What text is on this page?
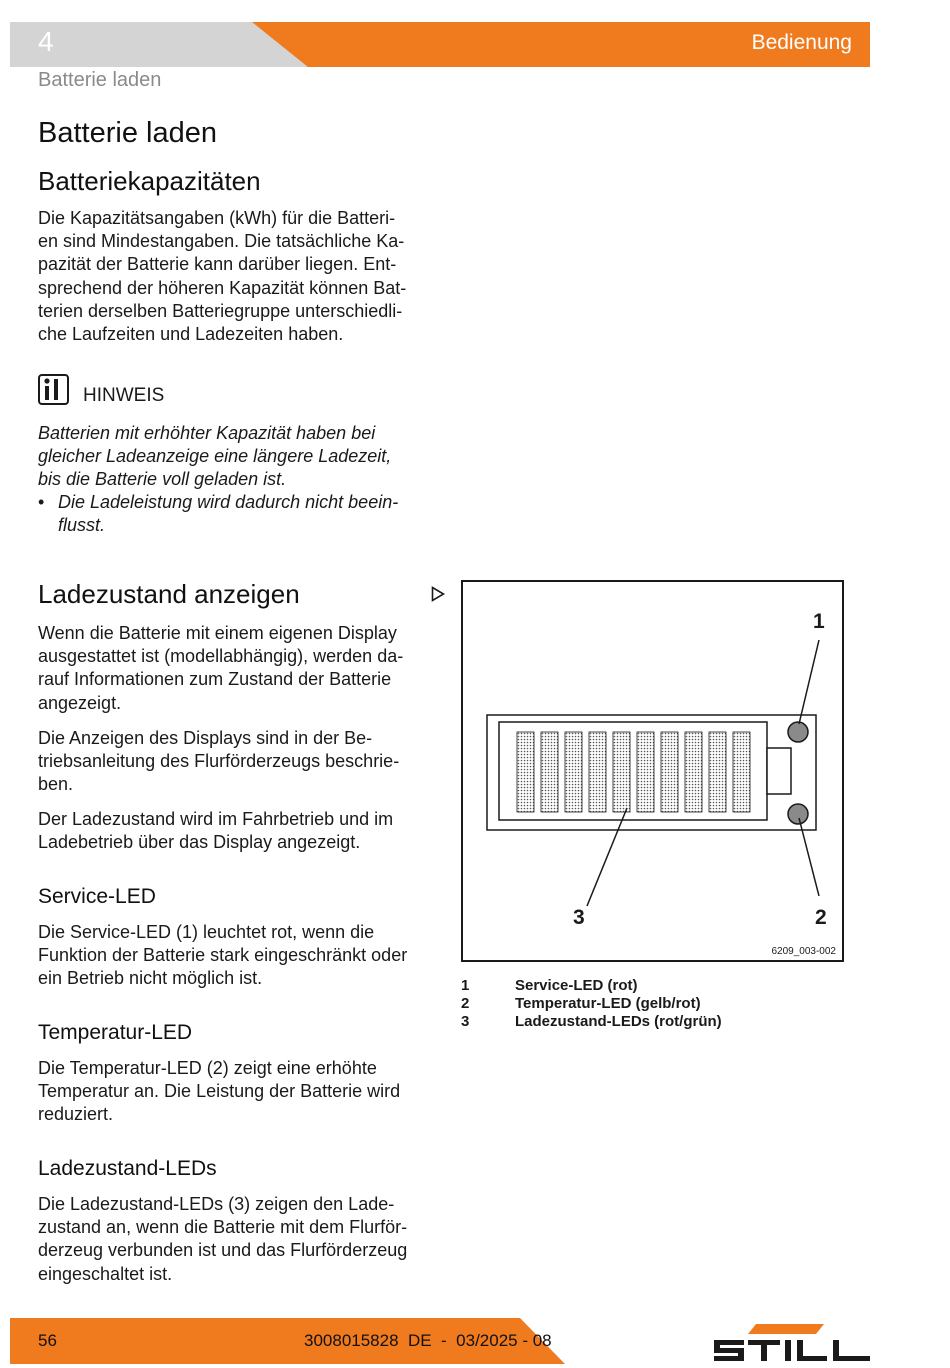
4	Bedienung
Batterie laden
Batterie laden
Batteriekapazitäten
Die Kapazitätsangaben (kWh) für die Batteri-
en sind Mindestangaben. Die tatsächliche Ka-
pazität der Batterie kann darüber liegen. Ent-
sprechend der höheren Kapazität können Bat-
terien derselben Batteriegruppe unterschiedli-
che Laufzeiten und Ladezeiten haben.
HINWEIS
Batterien mit erhöhter Kapazität haben bei
gleicher Ladeanzeige eine längere Ladezeit,
bis die Batterie voll geladen ist.
• Die Ladeleistung wird dadurch nicht beein-
flusst.
Ladezustand anzeigen
Wenn die Batterie mit einem eigenen Display
ausgestattet ist (modellabhängig), werden da-
rauf Informationen zum Zustand der Batterie
angezeigt.
Die Anzeigen des Displays sind in der Be-
triebsanleitung des Flurförderzeugs beschrie-
ben.
Der Ladezustand wird im Fahrbetrieb und im
Ladebetrieb über das Display angezeigt.
Service-LED
Die Service-LED (1) leuchtet rot, wenn die
Funktion der Batterie stark eingeschränkt oder
ein Betrieb nicht möglich ist.
Temperatur-LED
Die Temperatur-LED (2) zeigt eine erhöhte
Temperatur an. Die Leistung der Batterie wird
reduziert.
Ladezustand-LEDs
Die Ladezustand-LEDs (3) zeigen den Lade-
zustand an, wenn die Batterie mit dem Flurför-
derzeug verbunden ist und das Flurförderzeug
eingeschaltet ist.
1
2
3
6209_003-002
1	Service-LED (rot)
2	Temperatur-LED (gelb/rot)
3	Ladezustand-LEDs (rot/grün)
56	3008015828  DE  -  03/2025 - 08
